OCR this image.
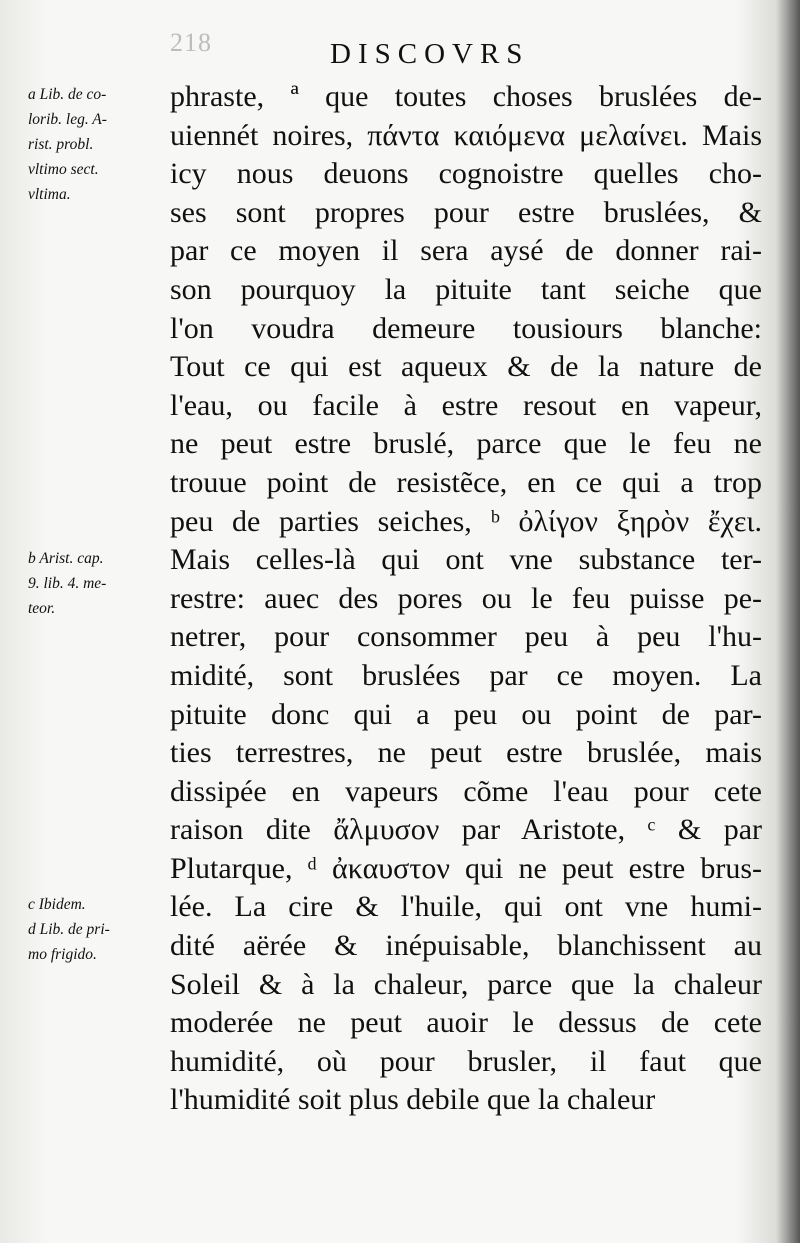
218	DISCOVRS
a Lib. de co-
lorib. leg. A-
rist. probl.
vltimo sect.
vltima.
b Arist. cap.
9. lib. 4. me-
teor.
c Ibidem.
d Lib. de pri-
mo frigido.
phraste, ª que toutes choses bruslées de-
uiennét noires, πάντα καιόμενα μελαίνει. Mais
icy nous deuons cognoistre quelles cho-
ses sont propres pour estre bruslées, &
par ce moyen il sera aysé de donner rai-
son pourquoy la pituite tant seiche que
l'on voudra demeure tousiours blanche:
Tout ce qui est aqueux & de la nature de
l'eau, ou facile à estre resout en vapeur,
ne peut estre bruslé, parce que le feu ne
trouue point de resistẽce, en ce qui a trop
peu de parties seiches, ᵇ ὀλίγον ξηρὸν ἔχει.
Mais celles-là qui ont vne substance ter-
restre: auec des pores ou le feu puisse pe-
netrer, pour consommer peu à peu l'hu-
midité, sont bruslées par ce moyen. La
pituite donc qui a peu ou point de par-
ties terrestres, ne peut estre bruslée, mais
dissipée en vapeurs cõme l'eau pour cete
raison dite ἄλμυσον par Aristote, ᶜ & par
Plutarque, ᵈ ἀκαυστον qui ne peut estre brus-
lée. La cire & l'huile, qui ont vne humi-
dité aërée & inépuisable, blanchissent au
Soleil & à la chaleur, parce que la chaleur
moderée ne peut auoir le dessus de cete
humidité, où pour brusler, il faut que
l'humidité soit plus debile que la chaleur
